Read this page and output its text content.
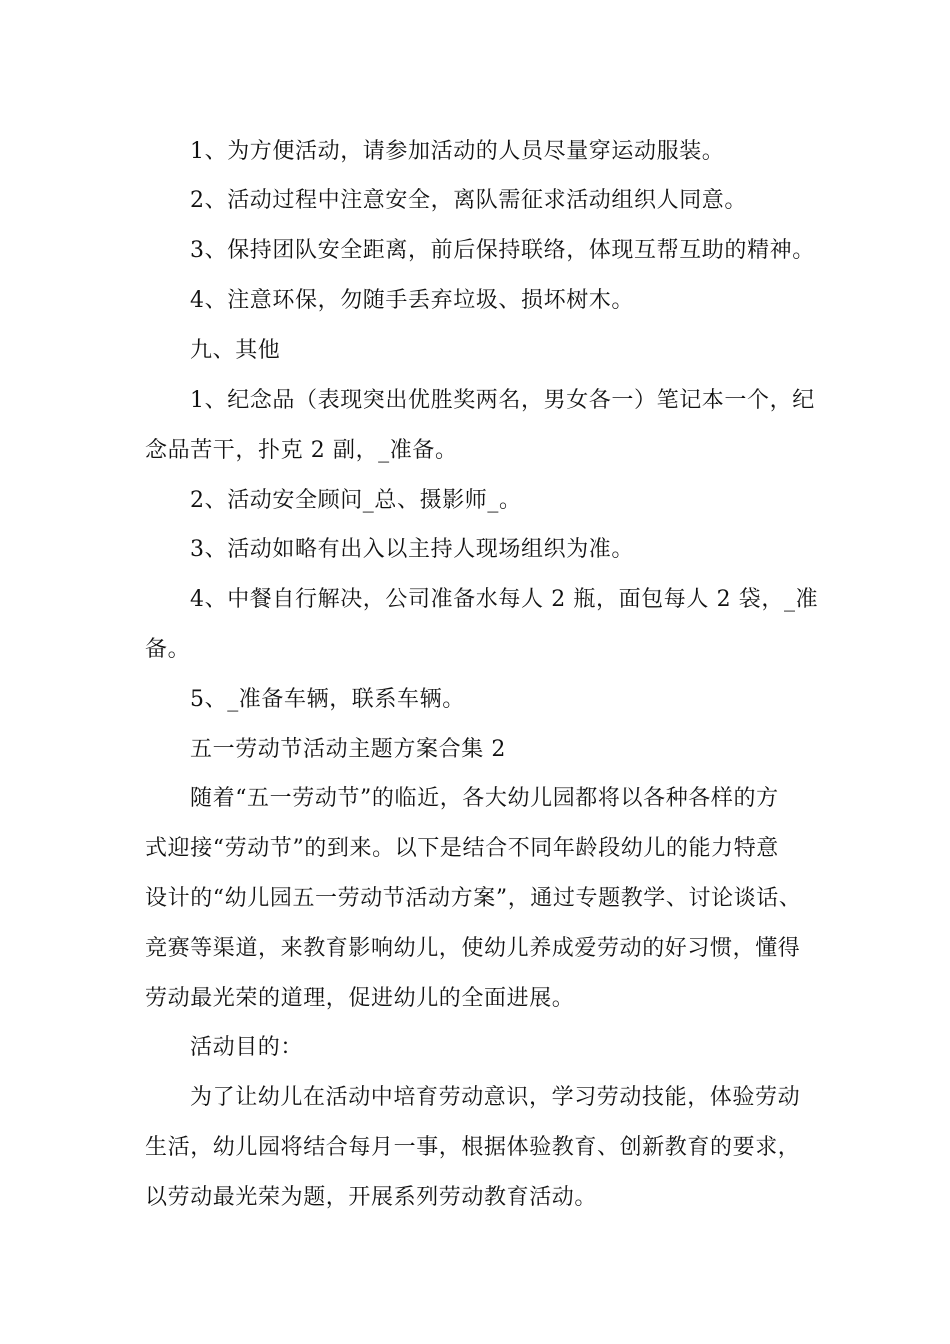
1、为方便活动，请参加活动的人员尽量穿运动服装。
2、活动过程中注意安全，离队需征求活动组织人同意。
3、保持团队安全距离，前后保持联络，体现互帮互助的精神。
4、注意环保，勿随手丢弃垃圾、损坏树木。
九、其他
1、纪念品（表现突出优胜奖两名，男女各一）笔记本一个，纪
念品苦干，扑克 2 副，_准备。
2、活动安全顾问_总、摄影师_。
3、活动如略有出入以主持人现场组织为准。
4、中餐自行解决，公司准备水每人 2 瓶，面包每人 2 袋，_准
备。
5、_准备车辆，联系车辆。
五一劳动节活动主题方案合集 2
随着“五一劳动节”的临近，各大幼儿园都将以各种各样的方
式迎接“劳动节”的到来。以下是结合不同年龄段幼儿的能力特意
设计的“幼儿园五一劳动节活动方案”，通过专题教学、讨论谈话、
竞赛等渠道，来教育影响幼儿，使幼儿养成爱劳动的好习惯，懂得
劳动最光荣的道理，促进幼儿的全面进展。
活动目的：
为了让幼儿在活动中培育劳动意识，学习劳动技能，体验劳动
生活，幼儿园将结合每月一事，根据体验教育、创新教育的要求，
以劳动最光荣为题，开展系列劳动教育活动。
